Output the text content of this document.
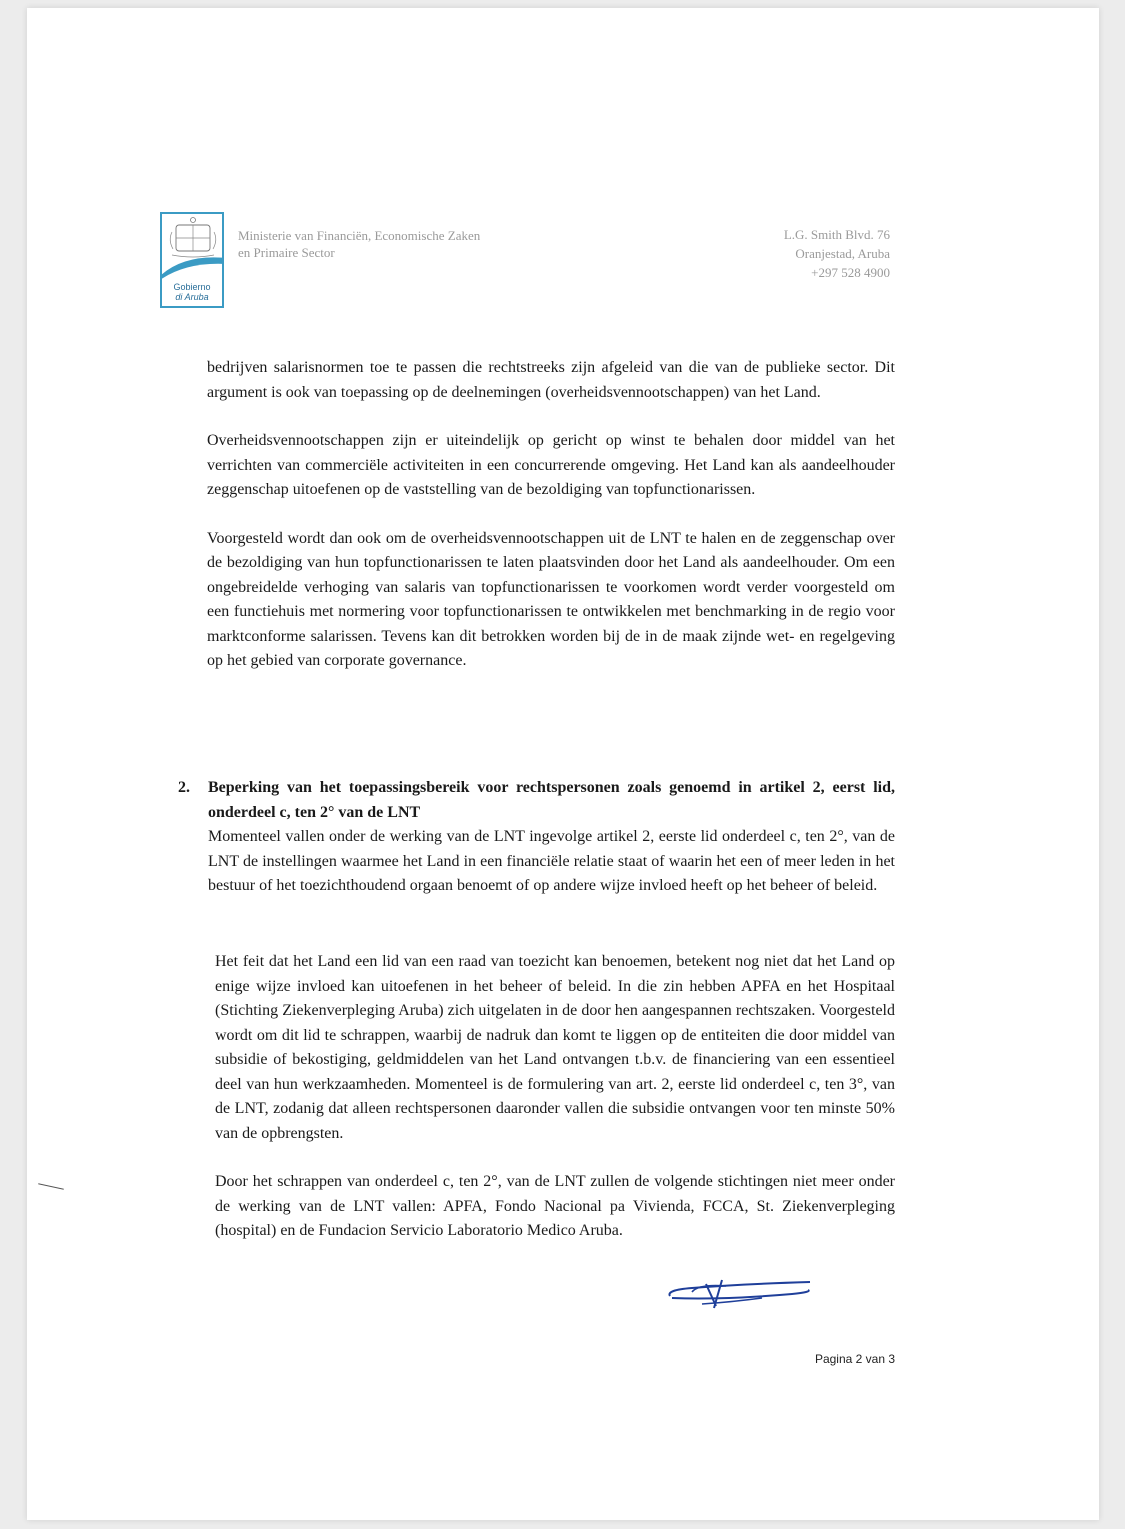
Gobierno
di Aruba
Ministerie van Financiën, Economische Zaken
en Primaire Sector
L.G. Smith Blvd. 76
Oranjestad, Aruba
+297 528 4900

bedrijven salarisnormen toe te passen die rechtstreeks zijn afgeleid van die van de publieke sector. Dit argument is ook van toepassing op de deelnemingen (overheidsvennootschappen) van het Land.

Overheidsvennootschappen zijn er uiteindelijk op gericht op winst te behalen door middel van het verrichten van commerciële activiteiten in een concurrerende omgeving. Het Land kan als aandeelhouder zeggenschap uitoefenen op de vaststelling van de bezoldiging van topfunctionarissen.

Voorgesteld wordt dan ook om de overheidsvennootschappen uit de LNT te halen en de zeggenschap over de bezoldiging van hun topfunctionarissen te laten plaatsvinden door het Land als aandeelhouder. Om een ongebreidelde verhoging van salaris van topfunctionarissen te voorkomen wordt verder voorgesteld om een functiehuis met normering voor topfunctionarissen te ontwikkelen met benchmarking in de regio voor marktconforme salarissen. Tevens kan dit betrokken worden bij de in de maak zijnde wet- en regelgeving op het gebied van corporate governance.

2. Beperking van het toepassingsbereik voor rechtspersonen zoals genoemd in artikel 2, eerst lid, onderdeel c, ten 2° van de LNT
Momenteel vallen onder de werking van de LNT ingevolge artikel 2, eerste lid onderdeel c, ten 2°, van de LNT de instellingen waarmee het Land in een financiële relatie staat of waarin het een of meer leden in het bestuur of het toezichthoudend orgaan benoemt of op andere wijze invloed heeft op het beheer of beleid.

Het feit dat het Land een lid van een raad van toezicht kan benoemen, betekent nog niet dat het Land op enige wijze invloed kan uitoefenen in het beheer of beleid. In die zin hebben APFA en het Hospitaal (Stichting Ziekenverpleging Aruba) zich uitgelaten in de door hen aangespannen rechtszaken. Voorgesteld wordt om dit lid te schrappen, waarbij de nadruk dan komt te liggen op de entiteiten die door middel van subsidie of bekostiging, geldmiddelen van het Land ontvangen t.b.v. de financiering van een essentieel deel van hun werkzaamheden. Momenteel is de formulering van art. 2, eerste lid onderdeel c, ten 3°, van de LNT, zodanig dat alleen rechtspersonen daaronder vallen die subsidie ontvangen voor ten minste 50% van de opbrengsten.

Door het schrappen van onderdeel c, ten 2°, van de LNT zullen de volgende stichtingen niet meer onder de werking van de LNT vallen: APFA, Fondo Nacional pa Vivienda, FCCA, St. Ziekenverpleging (hospital) en de Fundacion Servicio Laboratorio Medico Aruba.

Pagina 2 van 3
